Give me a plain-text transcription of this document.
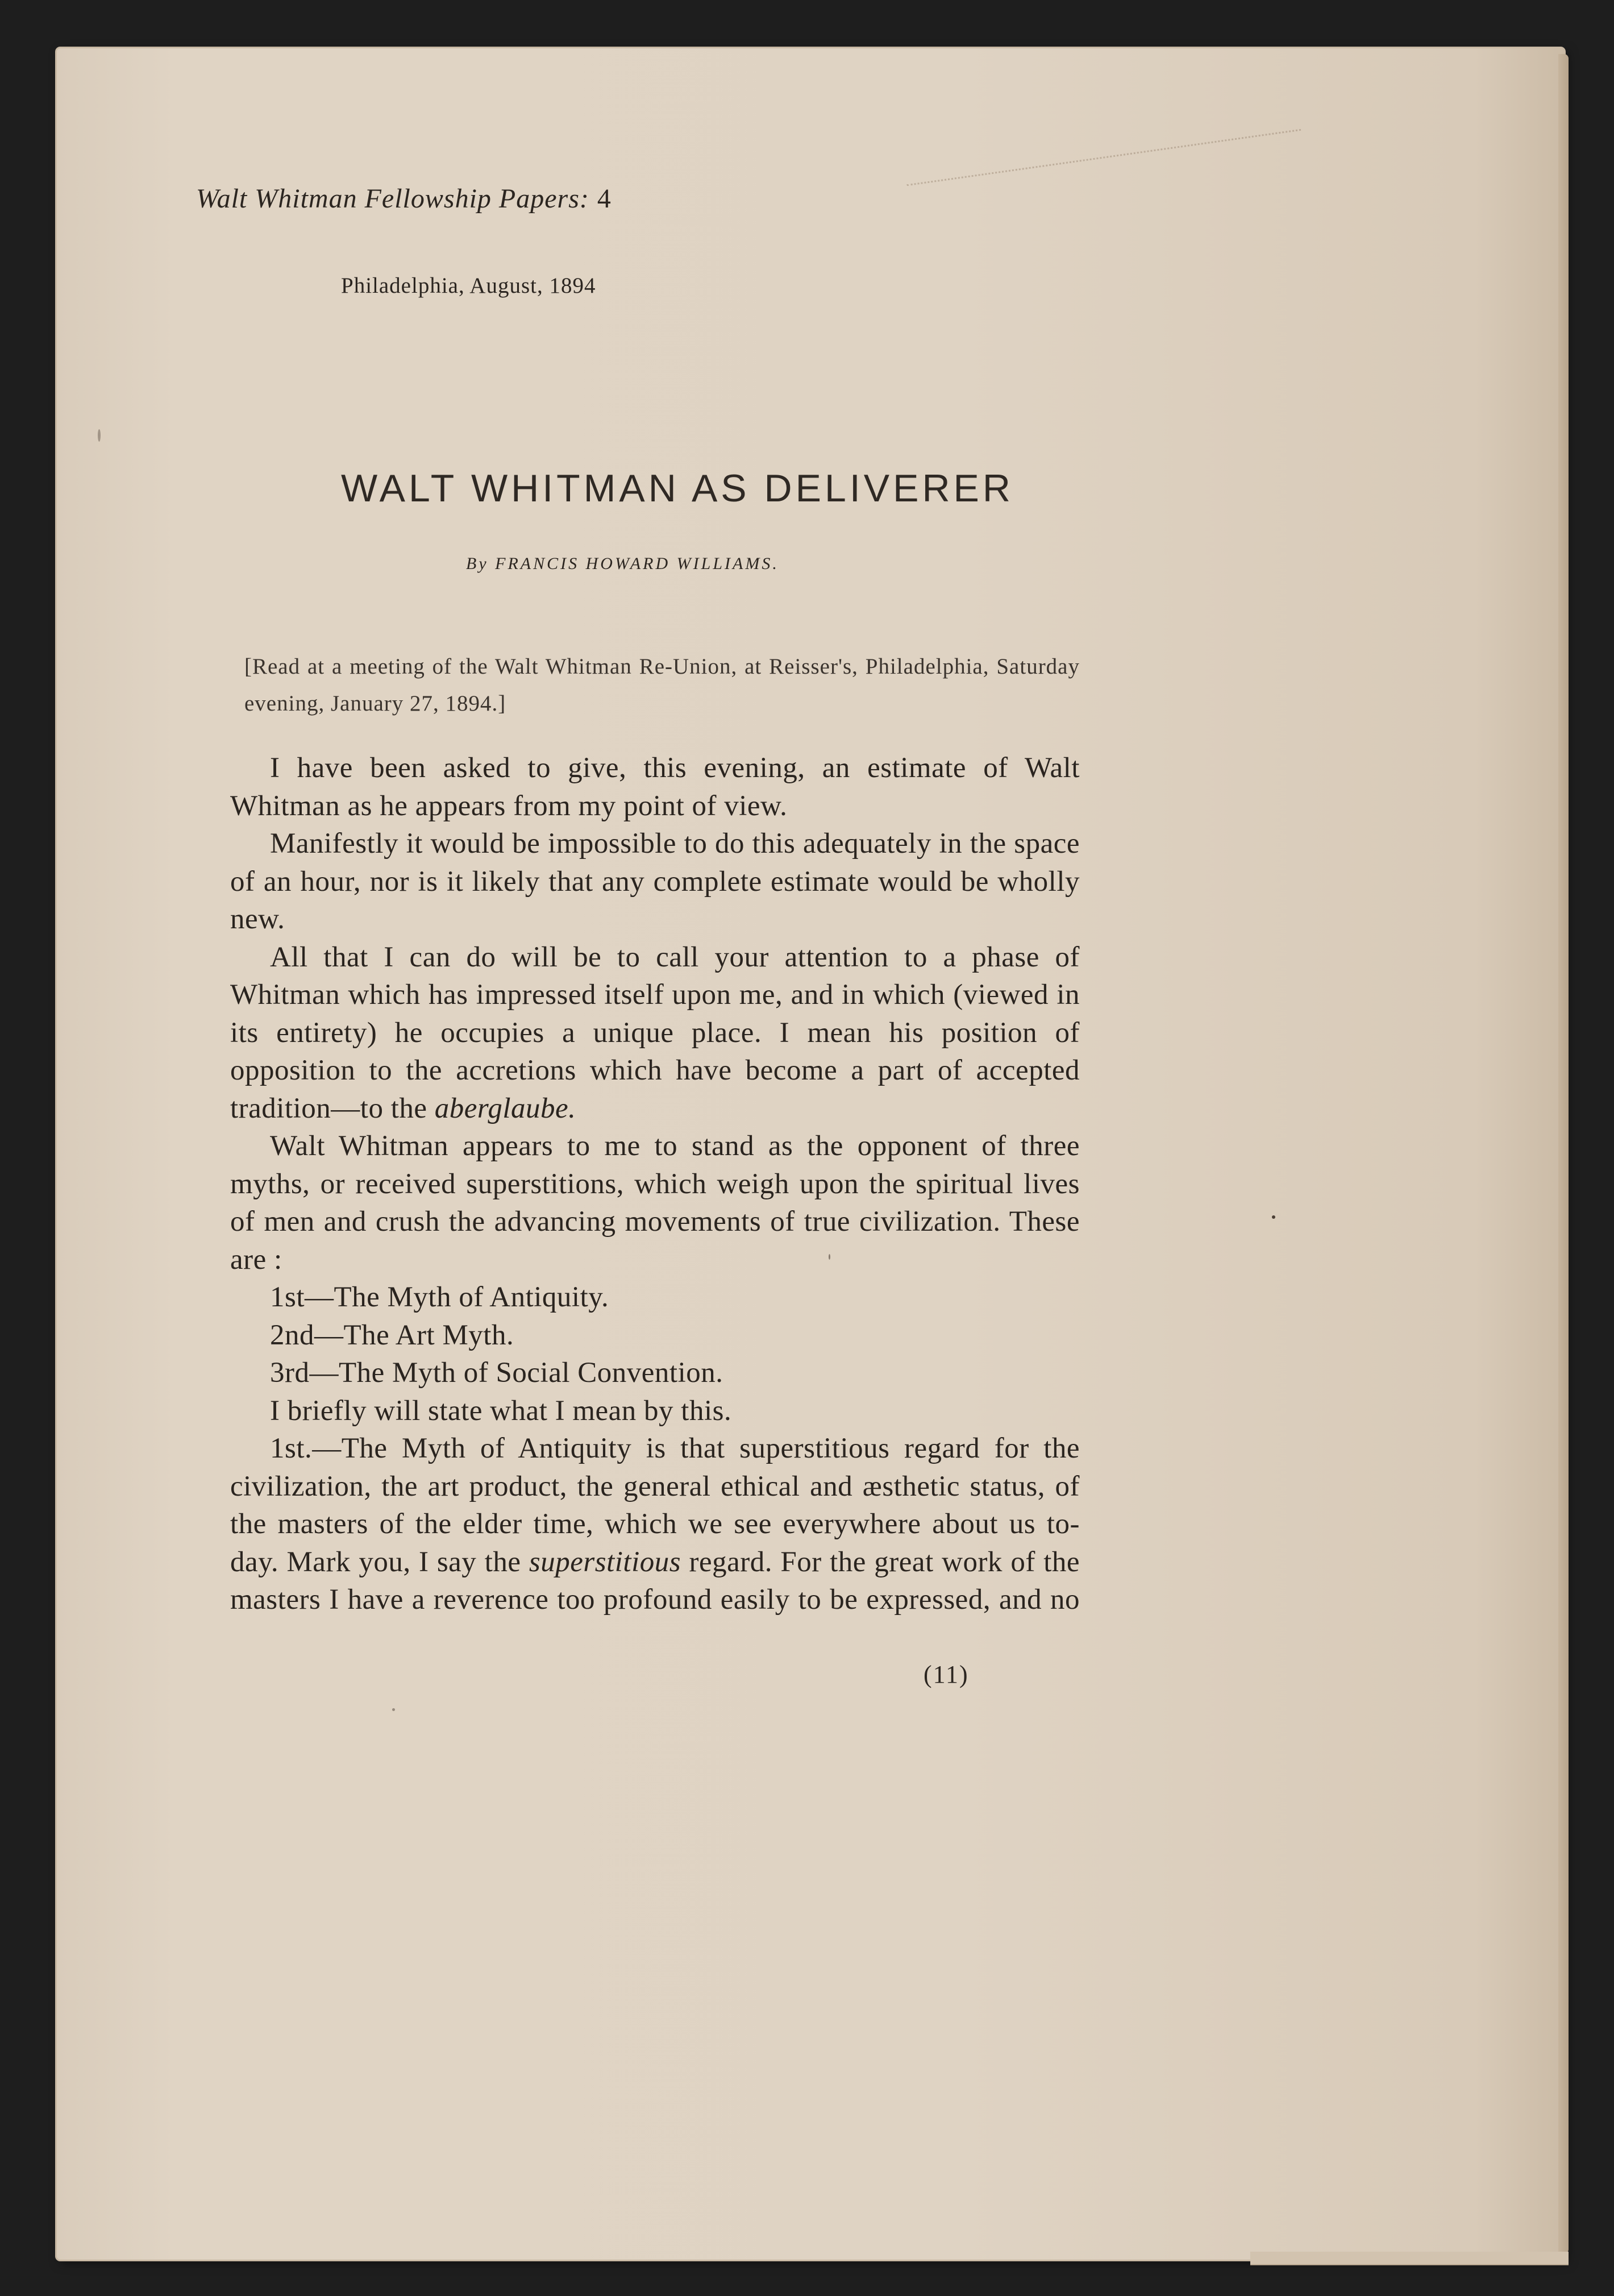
Walt Whitman Fellowship Papers: 4
Philadelphia, August, 1894
WALT WHITMAN AS DELIVERER
By FRANCIS HOWARD WILLIAMS.
[Read at a meeting of the Walt Whitman Re-Union, at Reisser's, Philadelphia, Saturday evening, January 27, 1894.]

I have been asked to give, this evening, an estimate of Walt Whitman as he appears from my point of view.

Manifestly it would be impossible to do this adequately in the space of an hour, nor is it likely that any complete estimate would be wholly new.

All that I can do will be to call your attention to a phase of Whitman which has impressed itself upon me, and in which (viewed in its entirety) he occupies a unique place. I mean his position of opposition to the accretions which have become a part of accepted tradition—to the aberglaube.

Walt Whitman appears to me to stand as the opponent of three myths, or received superstitions, which weigh upon the spiritual lives of men and crush the advancing movements of true civilization. These are :

1st—The Myth of Antiquity.

2nd—The Art Myth.

3rd—The Myth of Social Convention.

I briefly will state what I mean by this.

1st.—The Myth of Antiquity is that superstitious regard for the civilization, the art product, the general ethical and æsthetic status, of the masters of the elder time, which we see everywhere about us to-day. Mark you, I say the superstitious regard. For the great work of the masters I have a reverence too profound easily to be expressed, and no

(11)
